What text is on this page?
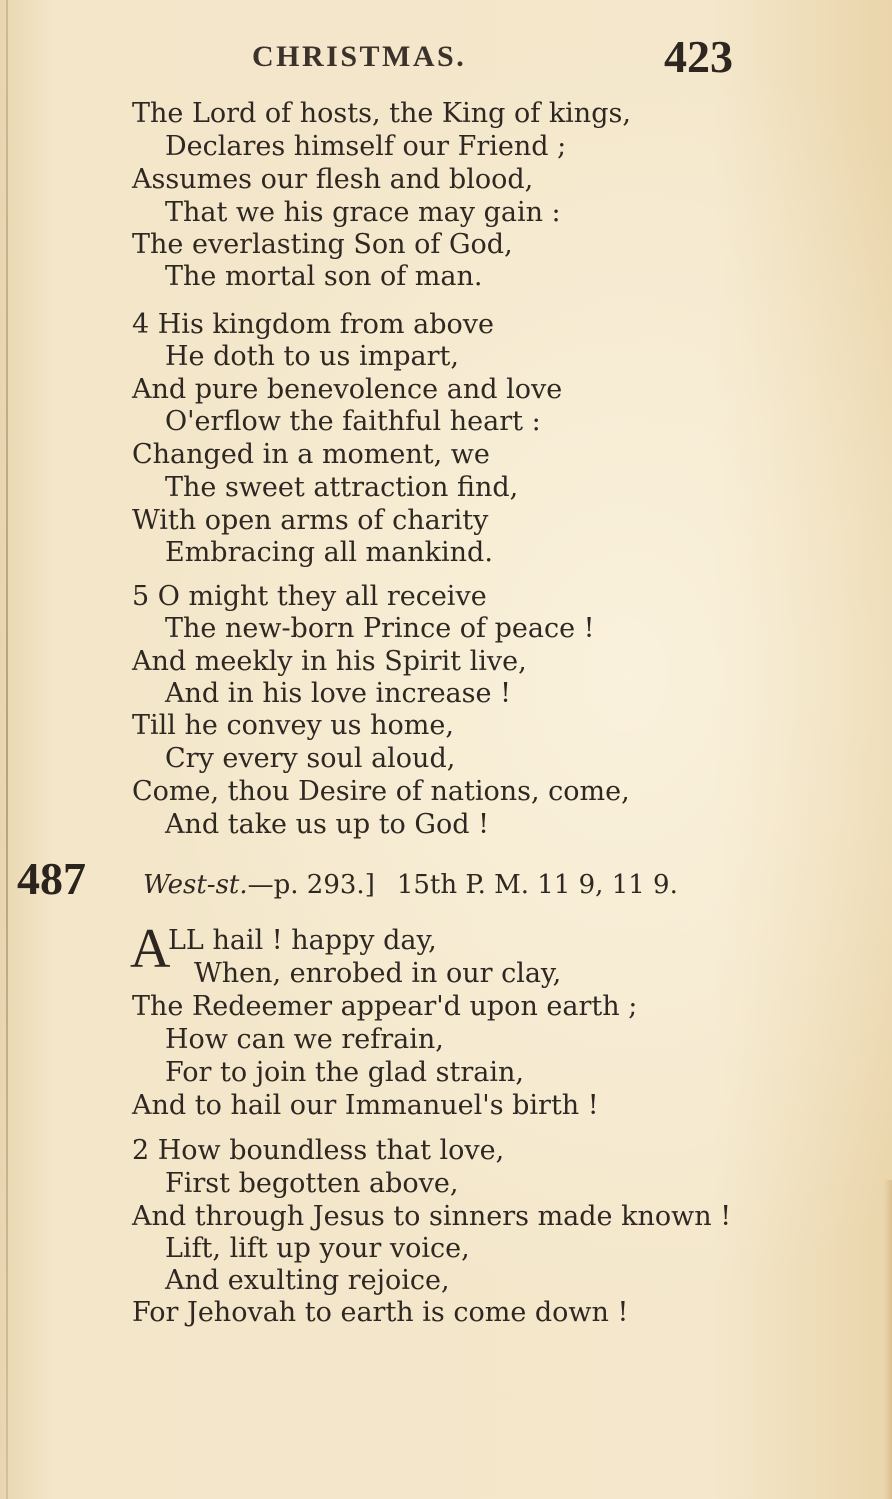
CHRISTMAS.	423
The Lord of hosts, the King of kings,
Declares himself our Friend ;
Assumes our flesh and blood,
That we his grace may gain :
The everlasting Son of God,
The mortal son of man.
4 His kingdom from above
He doth to us impart,
And pure benevolence and love
O'erflow the faithful heart :
Changed in a moment, we
The sweet attraction find,
With open arms of charity
Embracing all mankind.
5 O might they all receive
The new-born Prince of peace !
And meekly in his Spirit live,
And in his love increase !
Till he convey us home,
Cry every soul aloud,
Come, thou Desire of nations, come,
And take us up to God !
487 West-st.—p. 293.] 15th P. M. 11 9, 11 9.
A
LL hail ! happy day,
When, enrobed in our clay,
The Redeemer appear'd upon earth ;
How can we refrain,
For to join the glad strain,
And to hail our Immanuel's birth !
2 How boundless that love,
First begotten above,
And through Jesus to sinners made known !
Lift, lift up your voice,
And exulting rejoice,
For Jehovah to earth is come down !
